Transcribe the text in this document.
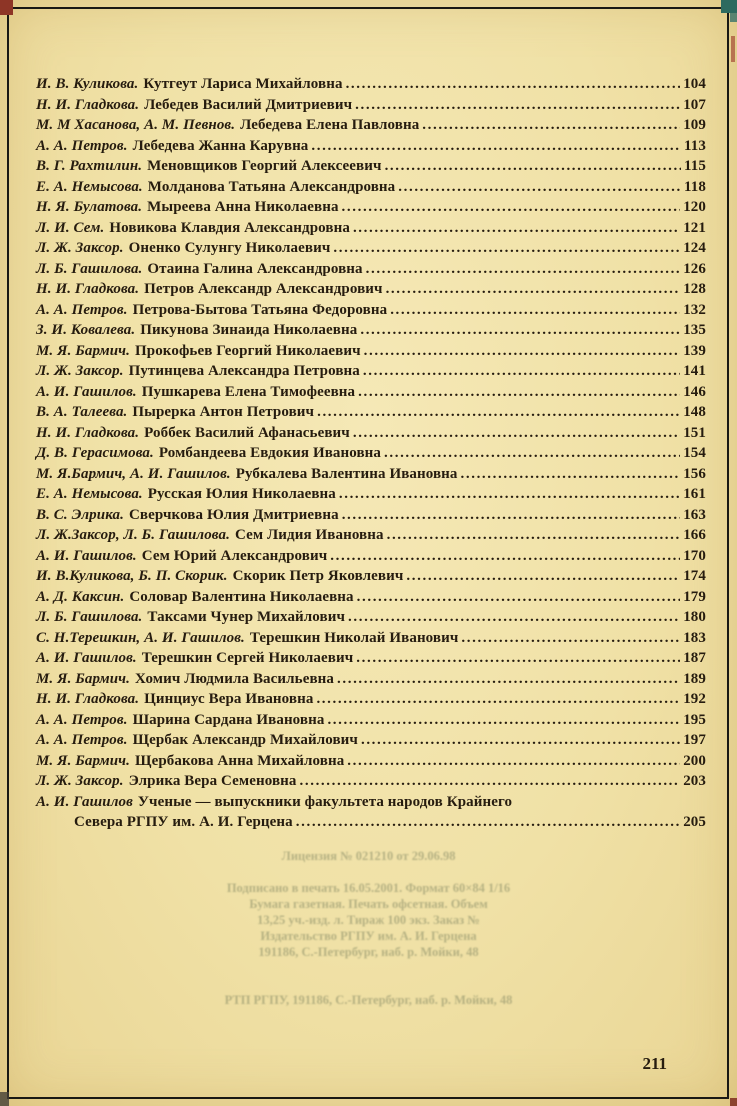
И. В. Куликова. Кутгеут Лариса Михайловна .....	104
Н. И. Гладкова. Лебедев Василий Дмитриевич .....	107
М. М Хасанова, А. М. Певнов. Лебедева Елена Павловна .....	109
А. А. Петров. Лебедева Жанна Карувна .....	113
В. Г. Рахтилин. Меновщиков Георгий Алексеевич .....	115
Е. А. Немысова. Молданова Татьяна Александровна .....	118
Н. Я. Булатова. Мыреева Анна Николаевна .....	120
Л. И. Сем. Новикова Клавдия Александровна .....	121
Л. Ж. Заксор. Оненко Сулунгу Николаевич .....	124
Л. Б. Гашилова. Отаина Галина Александровна .....	126
Н. И. Гладкова. Петров Александр Александрович .....	128
А. А. Петров. Петрова-Бытова Татьяна Федоровна .....	132
З. И. Ковалева. Пикунова Зинаида Николаевна .....	135
М. Я. Бармич. Прокофьев Георгий Николаевич .....	139
Л. Ж. Заксор. Путинцева Александра Петровна .....	141
А. И. Гашилов. Пушкарева Елена Тимофеевна .....	146
В. А. Талеева. Пырерка Антон Петрович .....	148
Н. И. Гладкова. Роббек Василий Афанасьевич .....	151
Д. В. Герасимова. Ромбандеева Евдокия Ивановна .....	154
М. Я.Бармич, А. И. Гашилов. Рубкалева Валентина Ивановна .....	156
Е. А. Немысова. Русская Юлия Николаевна .....	161
В. С. Элрика. Сверчкова Юлия Дмитриевна .....	163
Л. Ж.Заксор, Л. Б. Гашилова. Сем Лидия Ивановна .....	166
А. И. Гашилов. Сем Юрий Александрович .....	170
И. В.Куликова, Б. П. Скорик. Скорик Петр Яковлевич .....	174
А. Д. Каксин. Соловар Валентина Николаевна .....	179
Л. Б. Гашилова. Таксами Чунер Михайлович .....	180
С. Н.Терешкин, А. И. Гашилов. Терешкин Николай Иванович .....	183
А. И. Гашилов. Терешкин Сергей Николаевич .....	187
М. Я. Бармич. Хомич Людмила Васильевна .....	189
Н. И. Гладкова. Цинциус Вера Ивановна .....	192
А. А. Петров. Шарина Сардана Ивановна .....	195
А. А. Петров. Щербак Александр Михайлович .....	197
М. Я. Бармич. Щербакова Анна Михайловна .....	200
Л. Ж. Заксор. Элрика Вера Семеновна .....	203
А. И. Гашилов Ученые — выпускники факультета народов Крайнего
Севера РГПУ им. А. И. Герцена .....	205
Лицензия № 021210 от 29.06.98
Подписано в печать 16.05.2001. Формат 60×84 1/16
Бумага газетная. Печать офсетная. Объем
13,25 уч.-изд. л. Тираж 100 экз. Заказ №
Издательство РГПУ им. А. И. Герцена
191186, С.-Петербург, наб. р. Мойки, 48
РТП РГПУ, 191186, С.-Петербург, наб. р. Мойки, 48
211
